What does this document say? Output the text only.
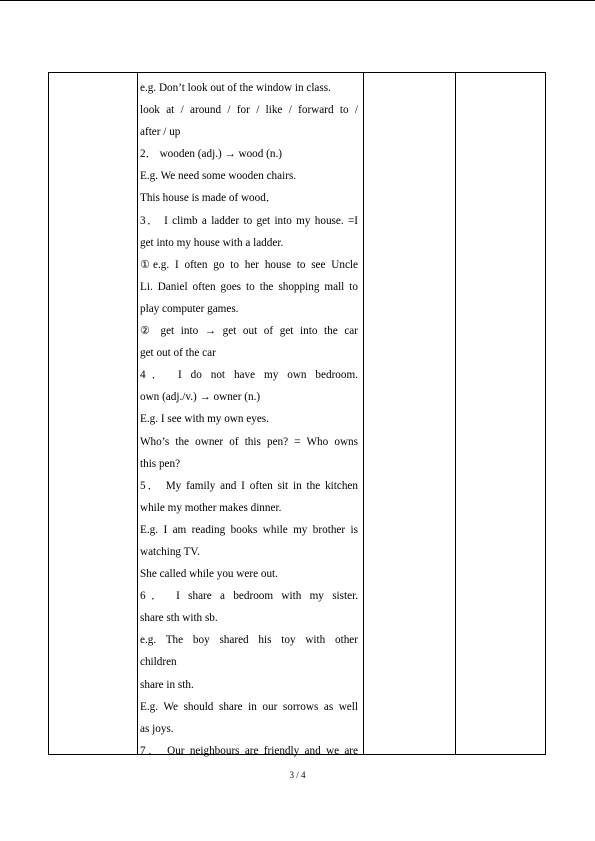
e.g. Don’t look out of the window in class.
look at / around / for / like / forward to /
after / up
2． wooden (adj.) → wood (n.)
E.g. We need some wooden chairs.
This house is made of wood．
3． I climb a ladder to get into my house. =I
get into my house with a ladder.
①e.g. I often go to her house to see Uncle
Li. Daniel often goes to the shopping mall to
play computer games.
② get into → get out of get into the car
get out of the car
4． I do not have my own bedroom.
own (adj./v.) → owner (n.)
E.g. I see with my own eyes.
Who’s the owner of this pen? = Who owns
this pen?
5． My family and I often sit in the kitchen
while my mother makes dinner.
E.g. I am reading books while my brother is
watching TV.
She called while you were out.
6． I share a bedroom with my sister.
share sth with sb.
e.g. The boy shared his toy with other
children
share in sth.
E.g. We should share in our sorrows as well
as joys.
7． Our neighbours are friendly and we are
3 / 4
